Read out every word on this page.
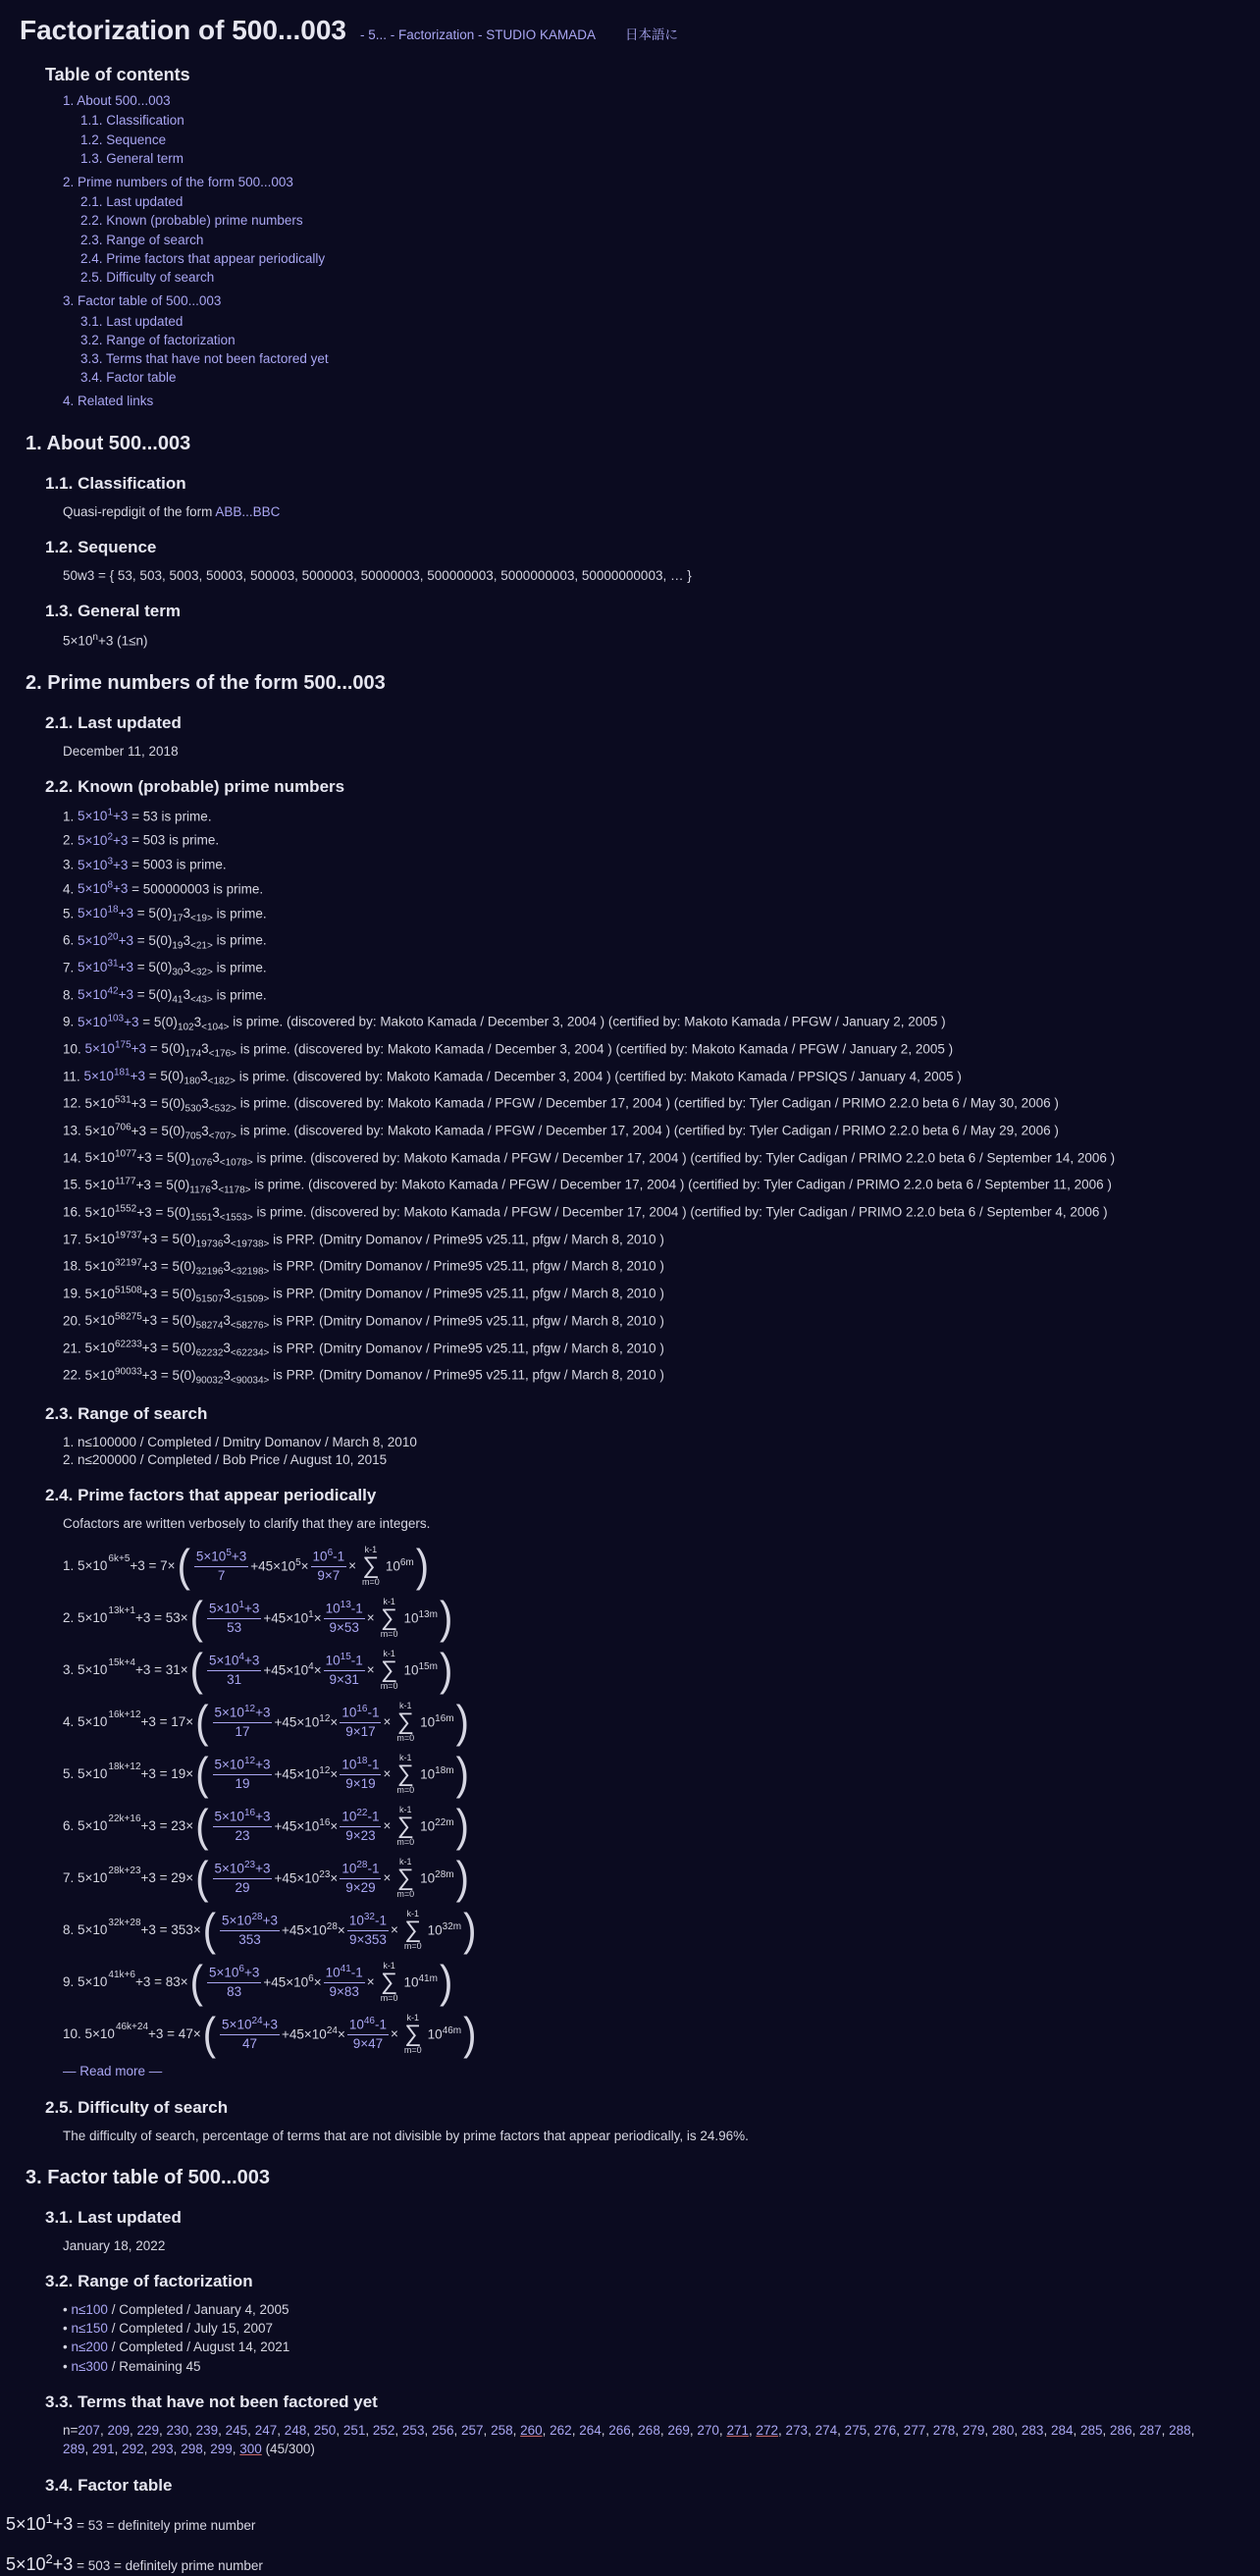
Factorization of 500...003 - 5... - Factorization - STUDIO KAMADA 日本語に
Table of contents
1. About 500...003
1.1. Classification
1.2. Sequence
1.3. General term
2. Prime numbers of the form 500...003
2.1. Last updated
2.2. Known (probable) prime numbers
2.3. Range of search
2.4. Prime factors that appear periodically
2.5. Difficulty of search
3. Factor table of 500...003
3.1. Last updated
3.2. Range of factorization
3.3. Terms that have not been factored yet
3.4. Factor table
4. Related links
1. About 500...003
1.1. Classification
Quasi-repdigit of the form ABB...BBC
1.2. Sequence
50w3 = { 53, 503, 5003, 50003, 500003, 5000003, 50000003, 500000003, 5000000003, 50000000003, … }
1.3. General term
$5\times 10^n+3$ (1≤n)
2. Prime numbers of the form 500...003
2.1. Last updated
December 11, 2018
2.2. Known (probable) prime numbers
1. $5\times 10^1+3 = 53$ is prime.
2. $5\times 10^2+3 = 503$ is prime.
3. $5\times 10^3+3 = 5003$ is prime.
4. $5\times 10^8+3 = 500000003$ is prime.
5. $5\times 10^{18}+3 = 5(0)_{17}3_{<19>}$ is prime.
6. $5\times 10^{20}+3 = 5(0)_{19}3_{<21>}$ is prime.
7. $5\times 10^{31}+3 = 5(0)_{30}3_{<32>}$ is prime.
8. $5\times 10^{42}+3 = 5(0)_{41}3_{<43>}$ is prime.
9. $5\times 10^{103}+3 = 5(0)_{102}3_{<104>}$ is prime. (discovered by: Makoto Kamada / December 3, 2004 ) (certified by: Makoto Kamada / PFGW / January 2, 2005 )
10. $5\times 10^{175}+3 = 5(0)_{174}3_{<176>}$ is prime. (discovered by: Makoto Kamada / December 3, 2004 ) (certified by: Makoto Kamada / PFGW / January 2, 2005 )
11. $5\times 10^{181}+3 = 5(0)_{180}3_{<182>}$ is prime. (discovered by: Makoto Kamada / December 3, 2004 ) (certified by: Makoto Kamada / PPSIQS / January 4, 2005 )
12. $5\times 10^{531}+3 = 5(0)_{530}3_{<532>}$ is prime. (discovered by: Makoto Kamada / PFGW / December 17, 2004 ) (certified by: Tyler Cadigan / PRIMO 2.2.0 beta 6 / May 30, 2006 )
13. $5\times 10^{706}+3 = 5(0)_{705}3_{<707>}$ is prime. (discovered by: Makoto Kamada / PFGW / December 17, 2004 ) (certified by: Tyler Cadigan / PRIMO 2.2.0 beta 6 / May 29, 2006 )
14. $5\times 10^{1077}+3 = 5(0)_{1076}3_{<1078>}$ is prime. (discovered by: Makoto Kamada / PFGW / December 17, 2004 ) (certified by: Tyler Cadigan / PRIMO 2.2.0 beta 6 / September 14, 2006 )
15. $5\times 10^{1177}+3 = 5(0)_{1176}3_{<1178>}$ is prime. (discovered by: Makoto Kamada / PFGW / December 17, 2004 ) (certified by: Tyler Cadigan / PRIMO 2.2.0 beta 6 / September 11, 2006 )
16. $5\times 10^{1552}+3 = 5(0)_{1551}3_{<1553>}$ is prime. (discovered by: Makoto Kamada / PFGW / December 17, 2004 ) (certified by: Tyler Cadigan / PRIMO 2.2.0 beta 6 / September 4, 2006 )
17. $5\times 10^{19737}+3 = 5(0)_{19736}3_{<19738>}$ is PRP. (Dmitry Domanov / Prime95 v25.11, pfgw / March 8, 2010 )
18. $5\times 10^{32197}+3 = 5(0)_{32196}3_{<32198>}$ is PRP. (Dmitry Domanov / Prime95 v25.11, pfgw / March 8, 2010 )
19. $5\times 10^{51508}+3 = 5(0)_{51507}3_{<51509>}$ is PRP. (Dmitry Domanov / Prime95 v25.11, pfgw / March 8, 2010 )
20. $5\times 10^{58275}+3 = 5(0)_{58274}3_{<58276>}$ is PRP. (Dmitry Domanov / Prime95 v25.11, pfgw / March 8, 2010 )
21. $5\times 10^{62233}+3 = 5(0)_{62232}3_{<62234>}$ is PRP. (Dmitry Domanov / Prime95 v25.11, pfgw / March 8, 2010 )
22. $5\times 10^{90033}+3 = 5(0)_{90032}3_{<90034>}$ is PRP. (Dmitry Domanov / Prime95 v25.11, pfgw / March 8, 2010 )
2.3. Range of search
1. n≤100000 / Completed / Dmitry Domanov / March 8, 2010
2. n≤200000 / Completed / Bob Price / August 10, 2015
2.4. Prime factors that appear periodically
Cofactors are written verbosely to clarify that they are integers.
1. $5\times 10^{6k+5} +3 = 7\times$ ( $\frac{5\times 10^5+3}{7} +45\times 10^5\times \frac{10^6-1}{9\times 7}$ ×
k-1
∑
m=0
$10^{6m}$ )
2. $5\times 10^{13k+1} +3 = 53\times$ ( $\frac{5\times 10^1+3}{53} +45\times 10^1\times \frac{10^{13}-1}{9\times 53}$ ×
k-1
∑
m=0
$10^{13m}$ )
3. $5\times 10^{15k+4} +3 = 31\times$ ( $\frac{5\times 10^4+3}{31} +45\times 10^4\times \frac{10^{15}-1}{9\times 31}$ ×
k-1
∑
m=0
$10^{15m}$ )
4. $5\times 10^{16k+12} +3 = 17\times$ ( $\frac{5\times 10^{12}+3}{17} +45\times 10^{12}\times \frac{10^{16}-1}{9\times 17}$ ×
k-1
∑
m=0
$10^{16m}$ )
5. $5\times 10^{18k+12} +3 = 19\times$ ( $\frac{5\times 10^{12}+3}{19} +45\times 10^{12}\times \frac{10^{18}-1}{9\times 19}$ ×
k-1
∑
m=0
$10^{18m}$ )
6. $5\times 10^{22k+16} +3 = 23\times$ ( $\frac{5\times 10^{16}+3}{23} +45\times 10^{16}\times \frac{10^{22}-1}{9\times 23}$ ×
k-1
∑
m=0
$10^{22m}$ )
7. $5\times 10^{28k+23} +3 = 29\times$ ( $\frac{5\times 10^{23}+3}{29} +45\times 10^{23}\times \frac{10^{28}-1}{9\times 29}$ ×
k-1
∑
m=0
$10^{28m}$ )
8. $5\times 10^{32k+28} +3 = 353\times$ ( $\frac{5\times 10^{28}+3}{353} +45\times 10^{28}\times \frac{10^{32}-1}{9\times 353}$ ×
k-1
∑
m=0
$10^{32m}$ )
9. $5\times 10^{41k+6} +3 = 83\times$ ( $\frac{5\times 10^6+3}{83} +45\times 10^6\times \frac{10^{41}-1}{9\times 83}$ ×
k-1
∑
m=0
$10^{41m}$ )
10. $5\times 10^{46k+24} +3 = 47\times$ ( $\frac{5\times 10^{24}+3}{47} +45\times 10^{24}\times \frac{10^{46}-1}{9\times 47}$ ×
k-1
∑
m=0
$10^{46m}$ )
— Read more —
2.5. Difficulty of search
The difficulty of search, percentage of terms that are not divisible by prime factors that appear periodically, is 24.96%.
3. Factor table of 500...003
3.1. Last updated
January 18, 2022
3.2. Range of factorization
• n≤100 / Completed / January 4, 2005
• n≤150 / Completed / July 15, 2007
• n≤200 / Completed / August 14, 2021
• n≤300 / Remaining 45
3.3. Terms that have not been factored yet
n=207, 209, 229, 230, 239, 245, 247, 248, 250, 251, 252, 253, 256, 257, 258, 260, 262, 264, 266, 268, 269, 270, 271, 272, 273, 274, 275, 276, 277, 278, 279, 280, 283, 284, 285, 286, 287, 288, 289, 291, 292, 293, 298, 299, 300 (45/300)
3.4. Factor table
$5\times 10^1+3 = 53$ = definitely prime number
$5\times 10^2+3 = 503$ = definitely prime number
